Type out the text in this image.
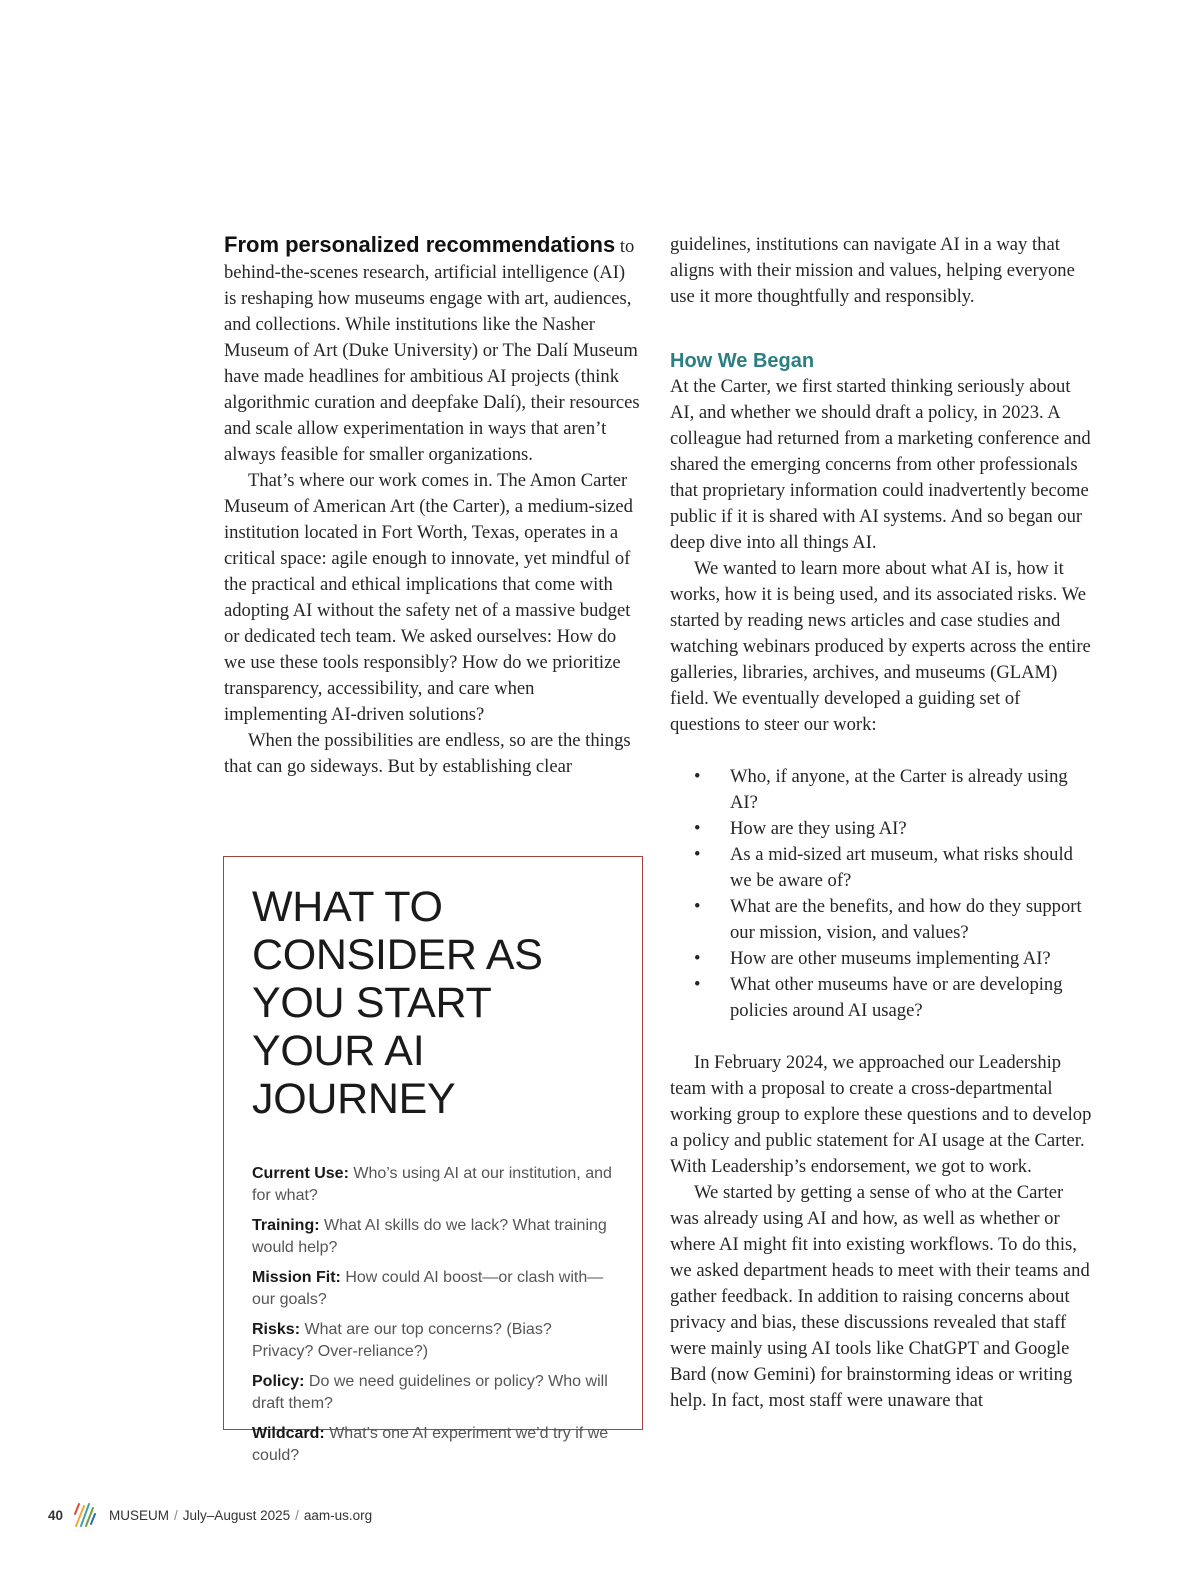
From personalized recommendations to behind-the-scenes research, artificial intelligence (AI) is reshaping how museums engage with art, audiences, and collections. While institutions like the Nasher Museum of Art (Duke University) or The Dalí Museum have made headlines for ambitious AI projects (think algorithmic curation and deepfake Dalí), their resources and scale allow experimentation in ways that aren’t always feasible for smaller organizations.

That’s where our work comes in. The Amon Carter Museum of American Art (the Carter), a medium-sized institution located in Fort Worth, Texas, operates in a critical space: agile enough to innovate, yet mindful of the practical and ethical implications that come with adopting AI without the safety net of a massive budget or dedicated tech team. We asked ourselves: How do we use these tools responsibly? How do we prioritize transparency, accessibility, and care when implementing AI-driven solutions?

When the possibilities are endless, so are the things that can go sideways. But by establishing clear

guidelines, institutions can navigate AI in a way that aligns with their mission and values, helping everyone use it more thoughtfully and responsibly.

How We Began

At the Carter, we first started thinking seriously about AI, and whether we should draft a policy, in 2023. A colleague had returned from a marketing conference and shared the emerging concerns from other professionals that proprietary information could inadvertently become public if it is shared with AI systems. And so began our deep dive into all things AI.

We wanted to learn more about what AI is, how it works, how it is being used, and its associated risks. We started by reading news articles and case studies and watching webinars produced by experts across the entire galleries, libraries, archives, and museums (GLAM) field. We eventually developed a guiding set of questions to steer our work:

• Who, if anyone, at the Carter is already using AI?
• How are they using AI?
• As a mid-sized art museum, what risks should we be aware of?
• What are the benefits, and how do they support our mission, vision, and values?
• How are other museums implementing AI?
• What other museums have or are developing policies around AI usage?

In February 2024, we approached our Leadership team with a proposal to create a cross-departmental working group to explore these questions and to develop a policy and public statement for AI usage at the Carter. With Leadership’s endorsement, we got to work.

We started by getting a sense of who at the Carter was already using AI and how, as well as whether or where AI might fit into existing workflows. To do this, we asked department heads to meet with their teams and gather feedback. In addition to raising concerns about privacy and bias, these discussions revealed that staff were mainly using AI tools like ChatGPT and Google Bard (now Gemini) for brainstorming ideas or writing help. In fact, most staff were unaware that

WHAT TO CONSIDER AS YOU START YOUR AI JOURNEY
Current Use: Who’s using AI at our institution, and for what?
Training: What AI skills do we lack? What training would help?
Mission Fit: How could AI boost—or clash with—our goals?
Risks: What are our top concerns? (Bias? Privacy? Over-reliance?)
Policy: Do we need guidelines or policy? Who will draft them?
Wildcard: What’s one AI experiment we’d try if we could?
40	MUSEUM / July–August 2025 / aam-us.org
